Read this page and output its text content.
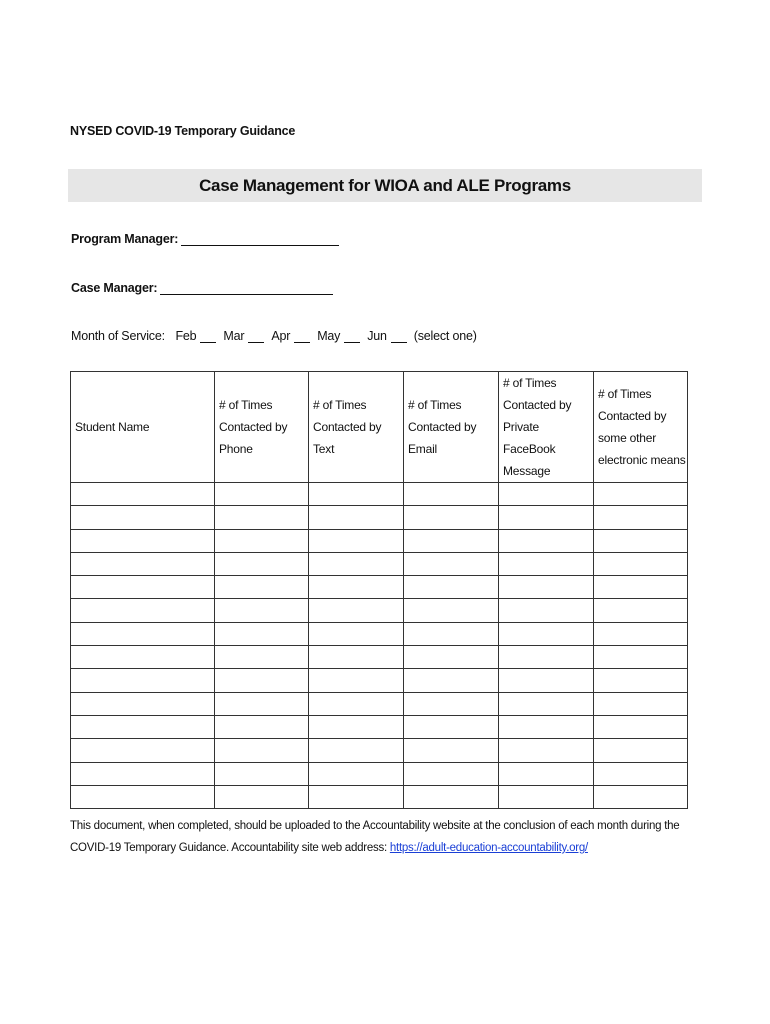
NYSED COVID-19 Temporary Guidance
Case Management for WIOA and ALE Programs
Program Manager:
Case Manager:
Month of Service: Feb Mar Apr May Jun (select one)
Student Name	# of Times Contacted by Phone	# of Times Contacted by Text	# of Times Contacted by Email	# of Times Contacted by Private FaceBook Message	# of Times Contacted by some other electronic means

This document, when completed, should be uploaded to the Accountability website at the conclusion of each month during the COVID-19 Temporary Guidance. Accountability site web address: https://adult-education-accountability.org/
